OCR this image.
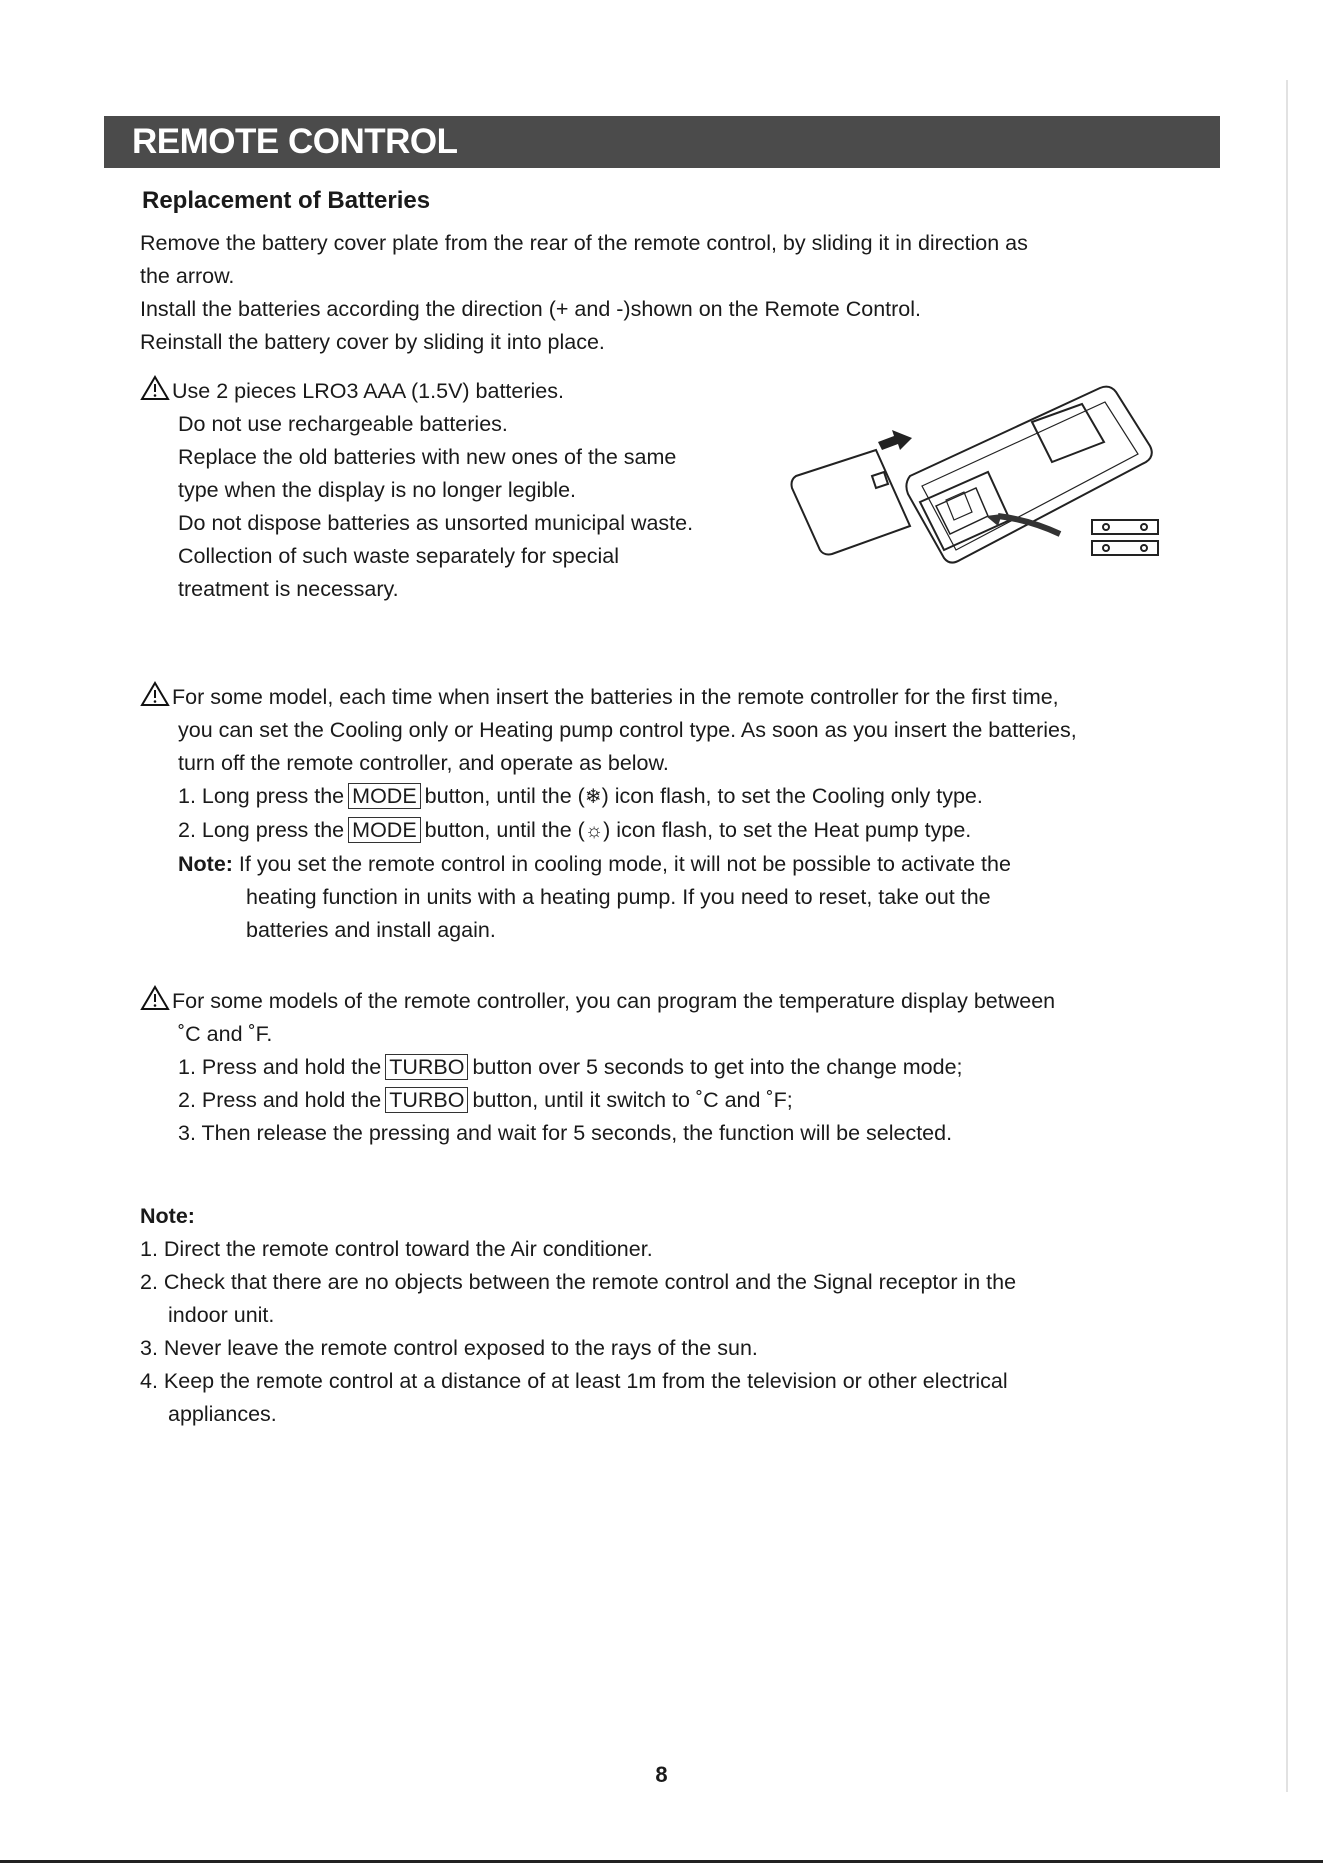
REMOTE CONTROL
Replacement of Batteries

Remove the battery cover plate from the rear of the remote control, by sliding it in direction as

the arrow.

Install the batteries according the direction (+ and -)shown on the Remote Control.

Reinstall the battery cover by sliding it into place.

Use 2 pieces LRO3 AAA (1.5V) batteries.

Do not use rechargeable batteries.

Replace the old batteries with new ones of the same

type when the display is no longer legible.

Do not dispose batteries as unsorted municipal waste.

Collection of such waste separately for special

treatment is necessary.

For some model, each time when insert the batteries in the remote controller for the first time,

you can set the Cooling only or Heating pump control type. As soon as you insert the batteries,

turn off the remote controller, and operate as below.

1. Long press the MODE button, until the (❄) icon flash, to set the Cooling only type.

2. Long press the MODE button, until the (☼) icon flash, to set the Heat pump type.

Note: If you set the remote control in cooling mode, it will not be possible to activate the

heating function in units with a heating pump. If you need to reset, take out the

batteries and install again.

For some models of the remote controller, you can program the temperature display between

˚C and ˚F.

1. Press and hold the TURBO button over 5 seconds to get into the change mode;

2. Press and hold the TURBO button, until it switch to ˚C and ˚F;

3. Then release the pressing and wait for 5 seconds, the function will be selected.

Note:

1. Direct the remote control toward the Air conditioner.

2. Check that there are no objects between the remote control and the Signal receptor in the

indoor unit.

3. Never leave the remote control exposed to the rays of the sun.

4. Keep the remote control at a distance of at least 1m from the television or other electrical

appliances.

8
